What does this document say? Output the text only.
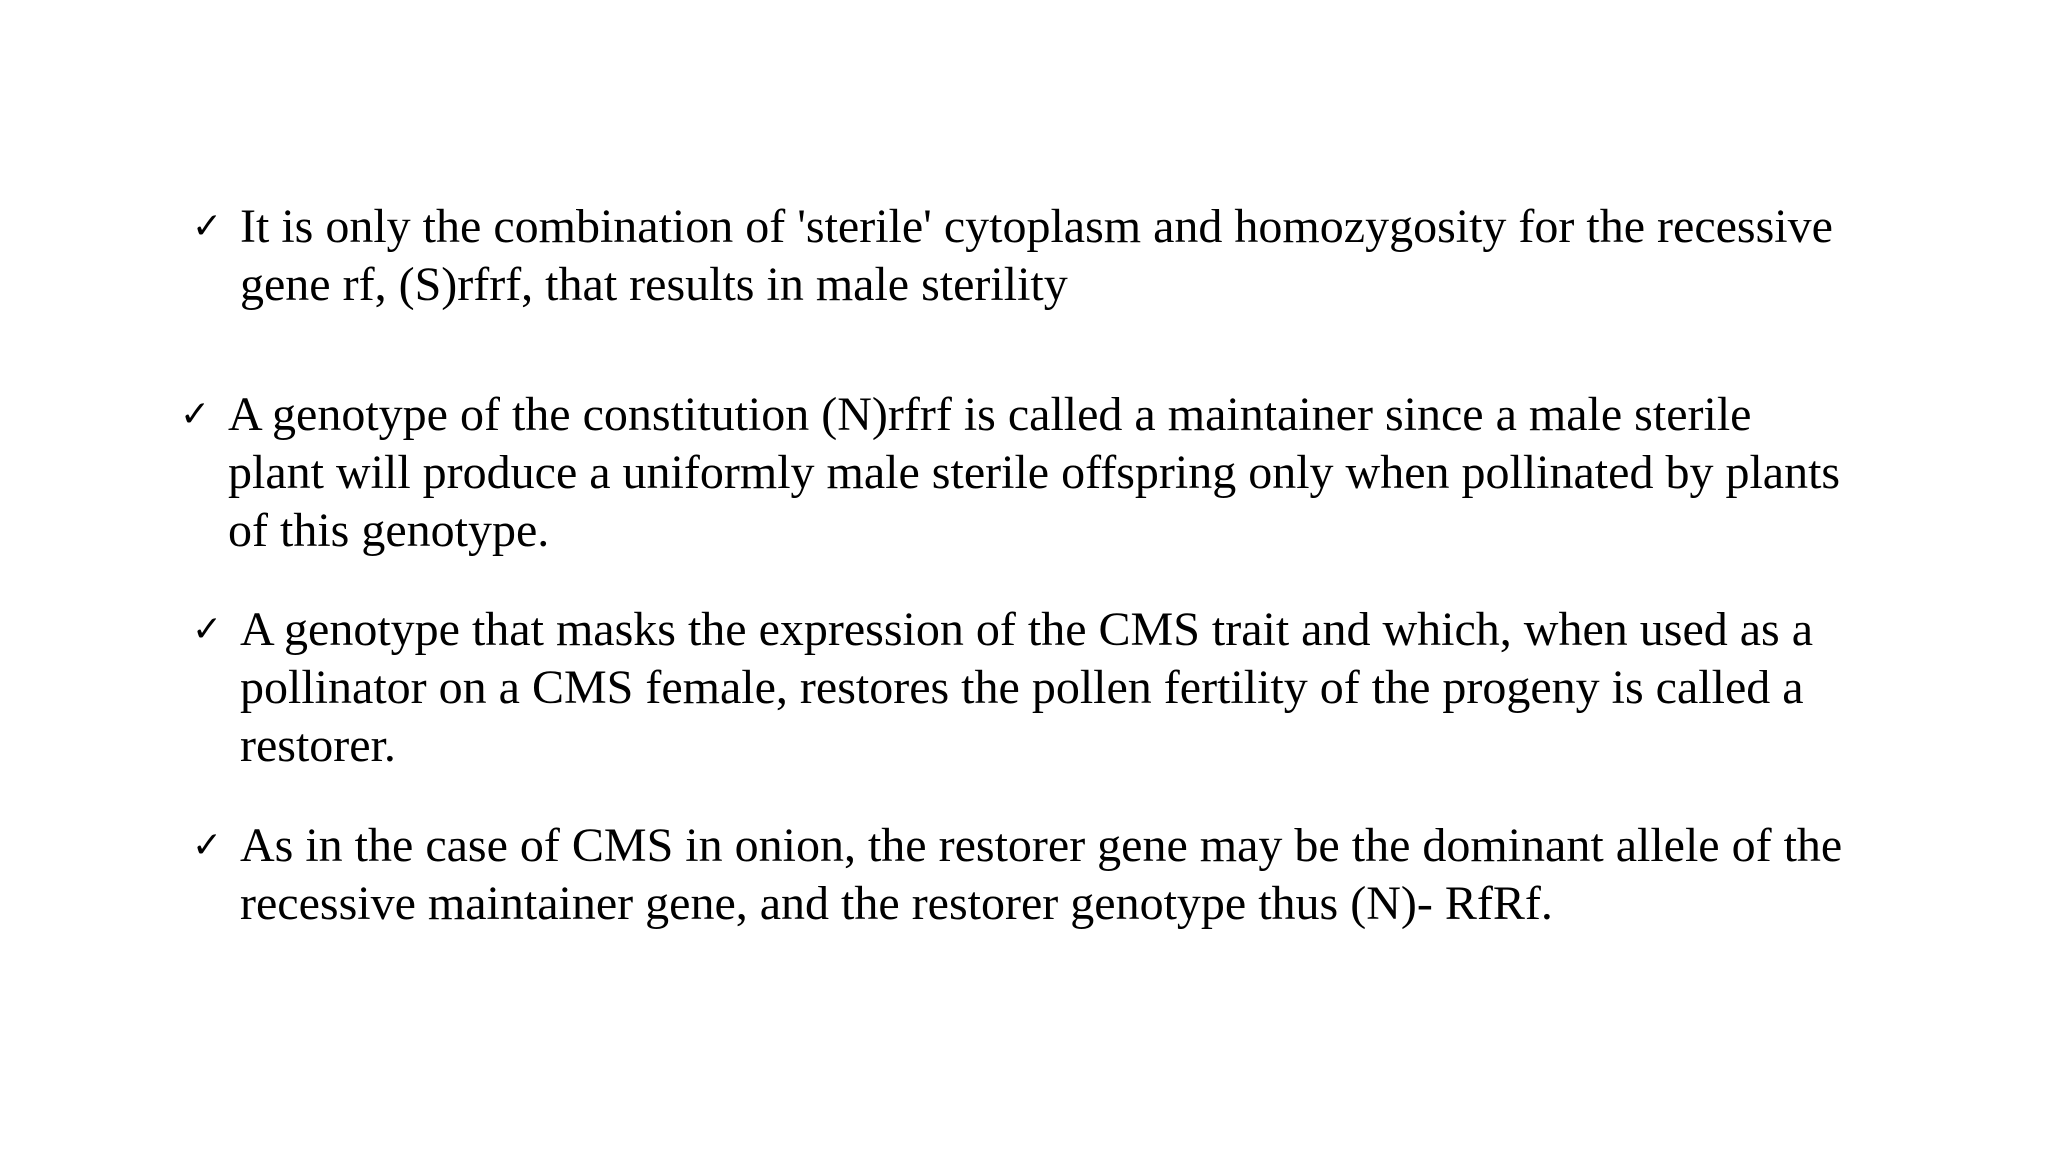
✓ It is only the combination of 'sterile' cytoplasm and homozygosity for the recessive
gene rf, (S)rfrf, that results in male sterility
✓ A genotype of the constitution (N)rfrf is called a maintainer since a male sterile
plant will produce a uniformly male sterile offspring only when pollinated by plants
of this genotype.
✓ A genotype that masks the expression of the CMS trait and which, when used as a
pollinator on a CMS female, restores the pollen fertility of the progeny is called a
restorer.
✓ As in the case of CMS in onion, the restorer gene may be the dominant allele of the
recessive maintainer gene, and the restorer genotype thus (N)- RfRf.
